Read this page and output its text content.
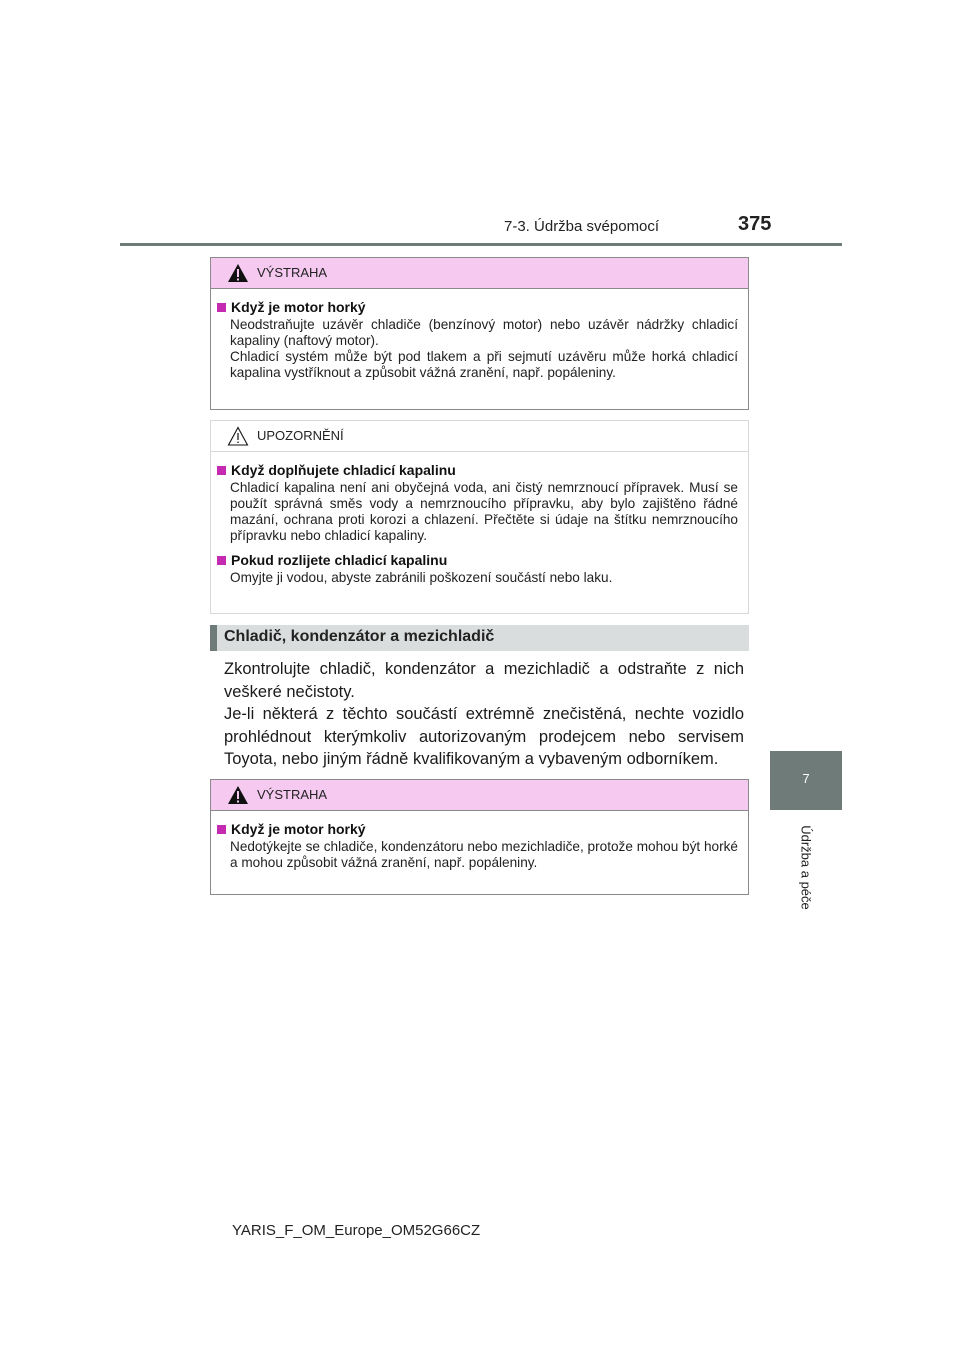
7-3. Údržba svépomocí	375
7
Údržba a péče
VÝSTRAHA
Když je motor horký

Neodstraňujte uzávěr chladiče (benzínový motor) nebo uzávěr nádržky chladicí kapaliny (naftový motor).

Chladicí systém může být pod tlakem a při sejmutí uzávěru může horká chladicí kapalina vystříknout a způsobit vážná zranění, např. popáleniny.

UPOZORNĚNÍ
Když doplňujete chladicí kapalinu

Chladicí kapalina není ani obyčejná voda, ani čistý nemrznoucí přípravek. Musí se použít správná směs vody a nemrznoucího přípravku, aby bylo zajištěno řádné mazání, ochrana proti korozi a chlazení. Přečtěte si údaje na štítku nemrznoucího přípravku nebo chladicí kapaliny.

Pokud rozlijete chladicí kapalinu

Omyjte ji vodou, abyste zabránili poškození součástí nebo laku.

Chladič, kondenzátor a mezichladič
Zkontrolujte chladič, kondenzátor a mezichladič a odstraňte z nich veškeré nečistoty.
Je-li některá z těchto součástí extrémně znečistěná, nechte vozidlo prohlédnout kterýmkoliv autorizovaným prodejcem nebo servisem Toyota, nebo jiným řádně kvalifikovaným a vybaveným odborníkem.
VÝSTRAHA
Když je motor horký

Nedotýkejte se chladiče, kondenzátoru nebo mezichladiče, protože mohou být horké a mohou způsobit vážná zranění, např. popáleniny.

YARIS_F_OM_Europe_OM52G66CZ
